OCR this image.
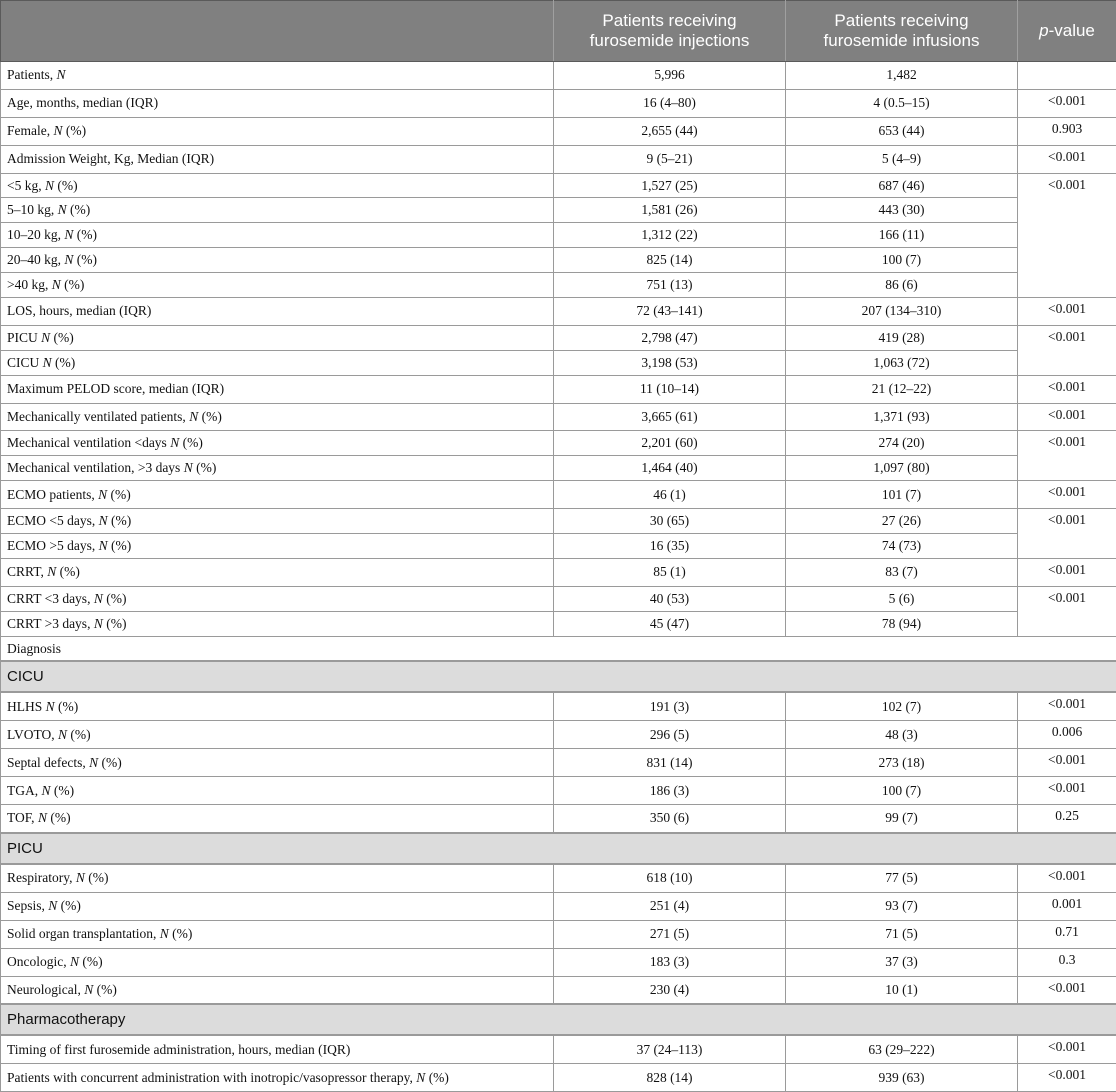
	Patients receiving furosemide injections	Patients receiving furosemide infusions	p-value
Patients, N	5,996	1,482	
Age, months, median (IQR)	16 (4–80)	4 (0.5–15)	<0.001
Female, N (%)	2,655 (44)	653 (44)	0.903
Admission Weight, Kg, Median (IQR)	9 (5–21)	5 (4–9)	<0.001
<5 kg, N (%)	1,527 (25)	687 (46)	<0.001
5–10 kg, N (%)	1,581 (26)	443 (30)	
10–20 kg, N (%)	1,312 (22)	166 (11)	
20–40 kg, N (%)	825 (14)	100 (7)	
>40 kg, N (%)	751 (13)	86 (6)	
LOS, hours, median (IQR)	72 (43–141)	207 (134–310)	<0.001
PICU N (%)	2,798 (47)	419 (28)	<0.001
CICU N (%)	3,198 (53)	1,063 (72)	
Maximum PELOD score, median (IQR)	11 (10–14)	21 (12–22)	<0.001
Mechanically ventilated patients, N (%)	3,665 (61)	1,371 (93)	<0.001
Mechanical ventilation <days N (%)	2,201 (60)	274 (20)	<0.001
Mechanical ventilation, >3 days N (%)	1,464 (40)	1,097 (80)	
ECMO patients, N (%)	46 (1)	101 (7)	<0.001
ECMO <5 days, N (%)	30 (65)	27 (26)	<0.001
ECMO >5 days, N (%)	16 (35)	74 (73)	
CRRT, N (%)	85 (1)	83 (7)	<0.001
CRRT <3 days, N (%)	40 (53)	5 (6)	<0.001
CRRT >3 days, N (%)	45 (47)	78 (94)	
Diagnosis			
CICU			
HLHS N (%)	191 (3)	102 (7)	<0.001
LVOTO, N (%)	296 (5)	48 (3)	0.006
Septal defects, N (%)	831 (14)	273 (18)	<0.001
TGA, N (%)	186 (3)	100 (7)	<0.001
TOF, N (%)	350 (6)	99 (7)	0.25
PICU			
Respiratory, N (%)	618 (10)	77 (5)	<0.001
Sepsis, N (%)	251 (4)	93 (7)	0.001
Solid organ transplantation, N (%)	271 (5)	71 (5)	0.71
Oncologic, N (%)	183 (3)	37 (3)	0.3
Neurological, N (%)	230 (4)	10 (1)	<0.001
Pharmacotherapy			
Timing of first furosemide administration, hours, median (IQR)	37 (24–113)	63 (29–222)	<0.001
Patients with concurrent administration with inotropic/vasopressor therapy, N (%)	828 (14)	939 (63)	<0.001
